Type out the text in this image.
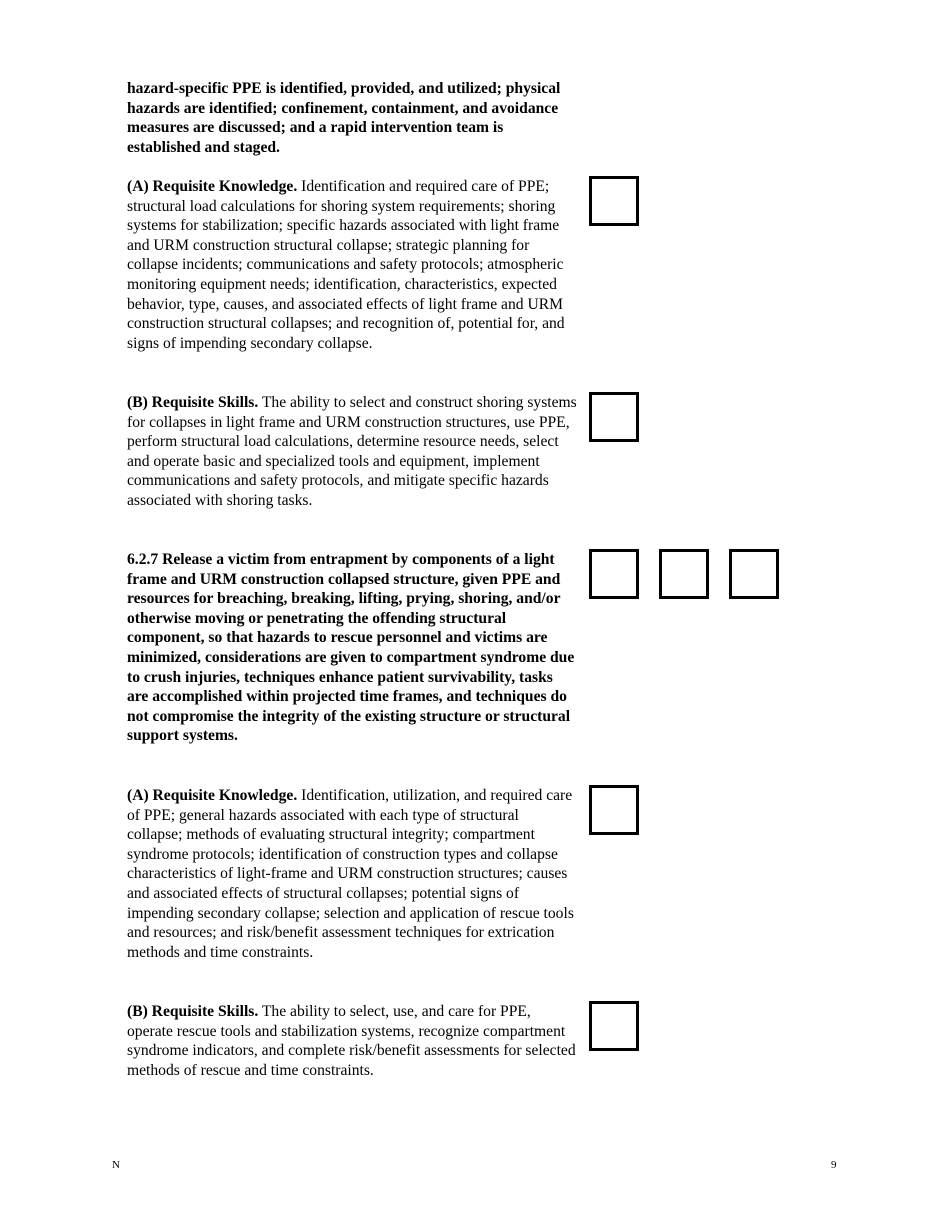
hazard-specific PPE is identified, provided, and utilized; physical hazards are identified; confinement, containment, and avoidance measures are discussed; and a rapid intervention team is established and staged.

(A) Requisite Knowledge. Identification and required care of PPE; structural load calculations for shoring system requirements; shoring systems for stabilization; specific hazards associated with light frame and URM construction structural collapse; strategic planning for collapse incidents; communications and safety protocols; atmospheric monitoring equipment needs; identification, characteristics, expected behavior, type, causes, and associated effects of light frame and URM construction structural collapses; and recognition of, potential for, and signs of impending secondary collapse.

(B) Requisite Skills. The ability to select and construct shoring systems for collapses in light frame and URM construction structures, use PPE, perform structural load calculations, determine resource needs, select and operate basic and specialized tools and equipment, implement communications and safety protocols, and mitigate specific hazards associated with shoring tasks.

6.2.7 Release a victim from entrapment by components of a light frame and URM construction collapsed structure, given PPE and resources for breaching, breaking, lifting, prying, shoring, and/or otherwise moving or penetrating the offending structural component, so that hazards to rescue personnel and victims are minimized, considerations are given to compartment syndrome due to crush injuries, techniques enhance patient survivability, tasks are accomplished within projected time frames, and techniques do not compromise the integrity of the existing structure or structural support systems.

(A) Requisite Knowledge. Identification, utilization, and required care of PPE; general hazards associated with each type of structural collapse; methods of evaluating structural integrity; compartment syndrome protocols; identification of construction types and collapse characteristics of light-frame and URM construction structures; causes and associated effects of structural collapses; potential signs of impending secondary collapse; selection and application of rescue tools and resources; and risk/benefit assessment techniques for extrication methods and time constraints.

(B) Requisite Skills. The ability to select, use, and care for PPE, operate rescue tools and stabilization systems, recognize compartment syndrome indicators, and complete risk/benefit assessments for selected methods of rescue and time constraints.

N	9
